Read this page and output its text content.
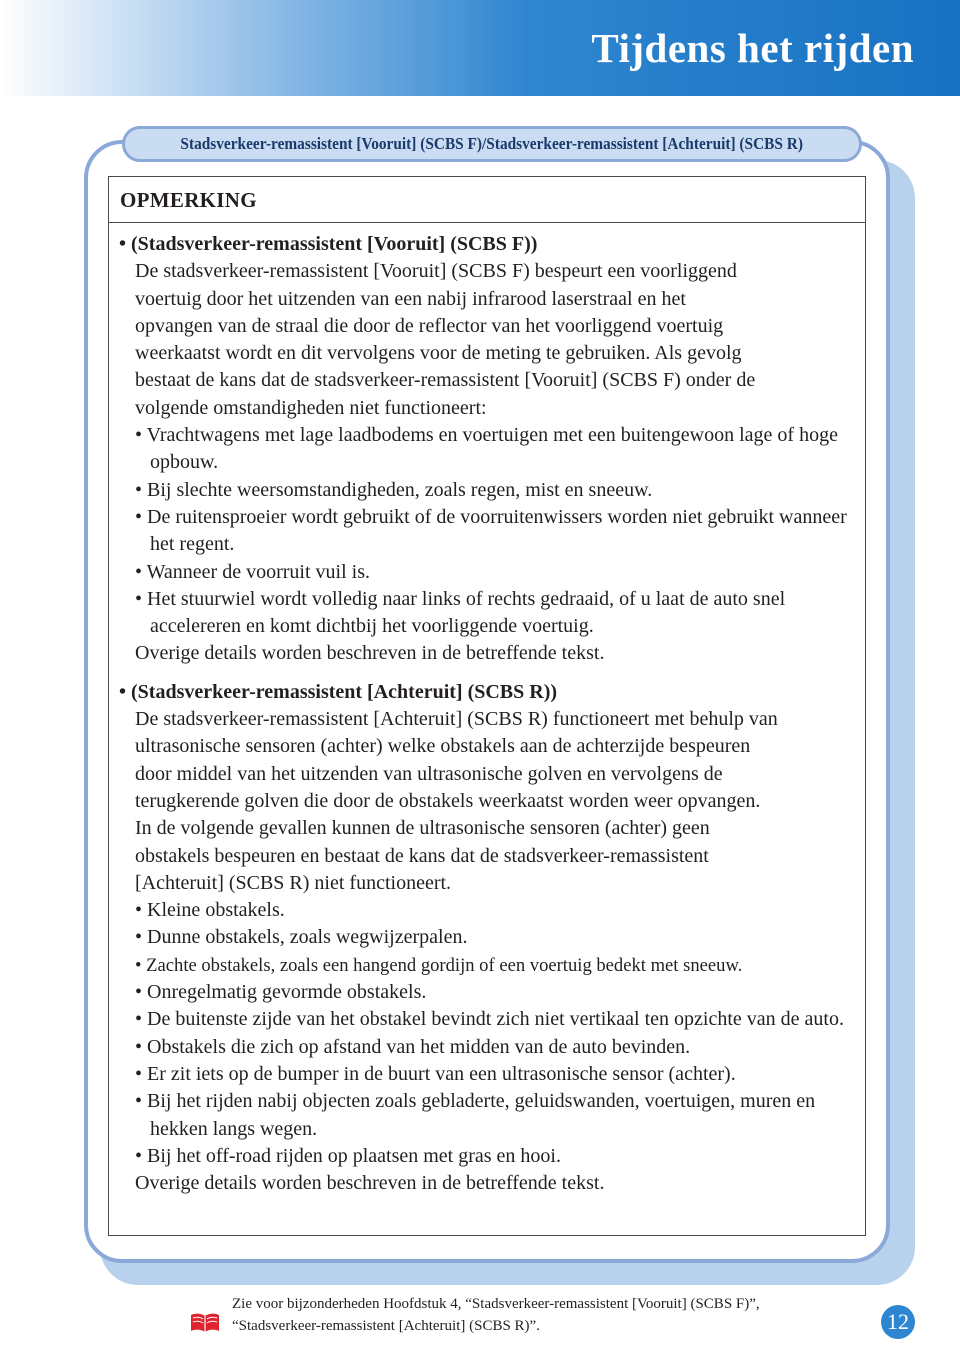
Tijdens het rijden
Stadsverkeer-remassistent [Vooruit] (SCBS F)/Stadsverkeer-remassistent [Achteruit] (SCBS R)
OPMERKING
• (Stadsverkeer-remassistent [Vooruit] (SCBS F))
De stadsverkeer-remassistent [Vooruit] (SCBS F) bespeurt een voorliggend
voertuig door het uitzenden van een nabij infrarood laserstraal en het
opvangen van de straal die door de reflector van het voorliggend voertuig
weerkaatst wordt en dit vervolgens voor de meting te gebruiken. Als gevolg
bestaat de kans dat de stadsverkeer-remassistent [Vooruit] (SCBS F) onder de
volgende omstandigheden niet functioneert:
• Vrachtwagens met lage laadbodems en voertuigen met een buitengewoon lage of hoge opbouw.
• Bij slechte weersomstandigheden, zoals regen, mist en sneeuw.
• De ruitensproeier wordt gebruikt of de voorruitenwissers worden niet gebruikt wanneer het regent.
• Wanneer de voorruit vuil is.
• Het stuurwiel wordt volledig naar links of rechts gedraaid, of u laat de auto snel accelereren en komt dichtbij het voorliggende voertuig.
Overige details worden beschreven in de betreffende tekst.
• (Stadsverkeer-remassistent [Achteruit] (SCBS R))
De stadsverkeer-remassistent [Achteruit] (SCBS R) functioneert met behulp van
ultrasonische sensoren (achter) welke obstakels aan de achterzijde bespeuren
door middel van het uitzenden van ultrasonische golven en vervolgens de
terugkerende golven die door de obstakels weerkaatst worden weer opvangen.
In de volgende gevallen kunnen de ultrasonische sensoren (achter) geen
obstakels bespeuren en bestaat de kans dat de stadsverkeer-remassistent
[Achteruit] (SCBS R) niet functioneert.
• Kleine obstakels.
• Dunne obstakels, zoals wegwijzerpalen.
• Zachte obstakels, zoals een hangend gordijn of een voertuig bedekt met sneeuw.
• Onregelmatig gevormde obstakels.
• De buitenste zijde van het obstakel bevindt zich niet vertikaal ten opzichte van de auto.
• Obstakels die zich op afstand van het midden van de auto bevinden.
• Er zit iets op de bumper in de buurt van een ultrasonische sensor (achter).
• Bij het rijden nabij objecten zoals gebladerte, geluidswanden, voertuigen, muren en hekken langs wegen.
• Bij het off-road rijden op plaatsen met gras en hooi.
Overige details worden beschreven in de betreffende tekst.
Zie voor bijzonderheden Hoofdstuk 4, “Stadsverkeer-remassistent [Vooruit] (SCBS F)”,
“Stadsverkeer-remassistent [Achteruit] (SCBS R)”.	12
